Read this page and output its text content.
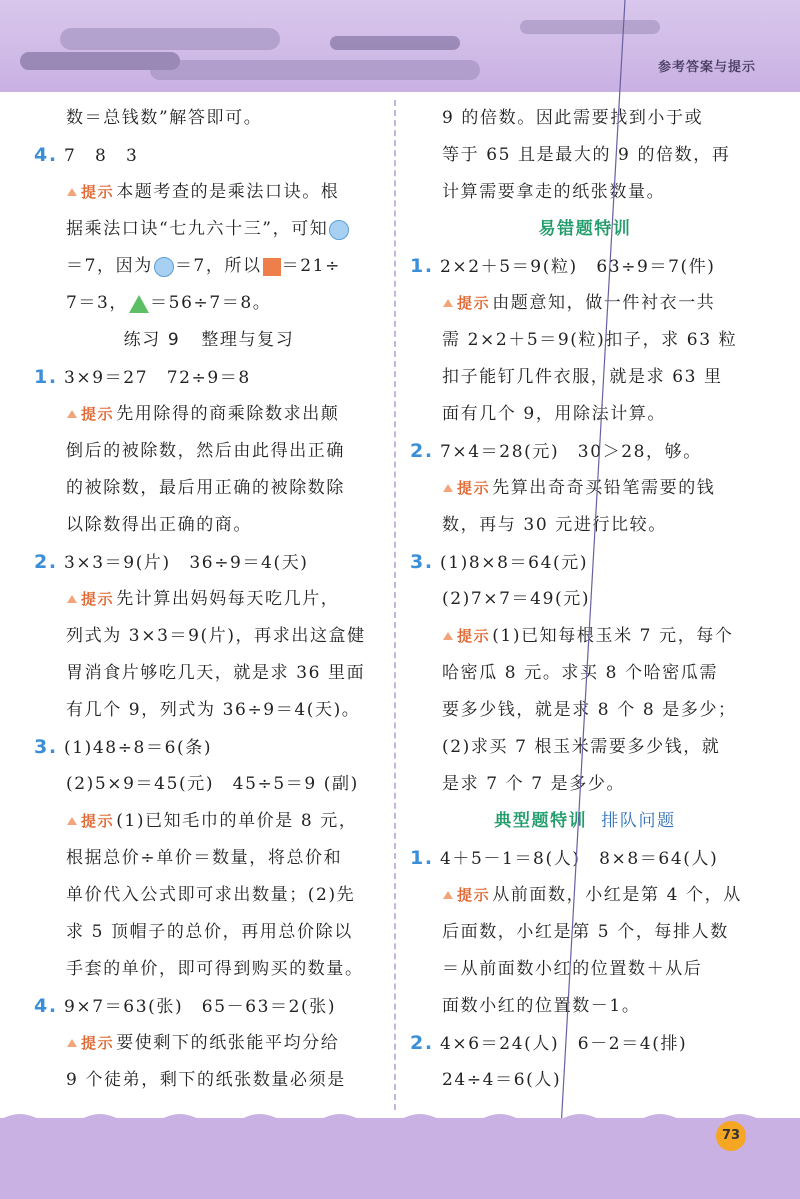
参考答案与提示
数＝总钱数”解答即可。
4. 7　8　3
提示 本题考查的是乘法口诀。根
据乘法口诀“七九六十三”，可知
＝7，因为 ＝7，所以 ＝21÷
7＝3， ＝56÷7＝8。
练习 9 整理与复习
1. 3×9＝27　72÷9＝8
提示 先用除得的商乘除数求出颠
倒后的被除数，然后由此得出正确
的被除数，最后用正确的被除数除
以除数得出正确的商。
2. 3×3＝9(片)　36÷9＝4(天)
提示 先计算出妈妈每天吃几片，
列式为 3×3＝9(片)，再求出这盒健
胃消食片够吃几天，就是求 36 里面
有几个 9，列式为 36÷9＝4(天)。
3. (1)48÷8＝6(条)
(2)5×9＝45(元)　45÷5＝9 (副)
提示 (1)已知毛巾的单价是 8 元，
根据总价÷单价＝数量，将总价和
单价代入公式即可求出数量；(2)先
求 5 顶帽子的总价，再用总价除以
手套的单价，即可得到购买的数量。
4. 9×7＝63(张)　65－63＝2(张)
提示 要使剩下的纸张能平均分给
9 个徒弟，剩下的纸张数量必须是
9 的倍数。因此需要找到小于或
等于 65 且是最大的 9 的倍数，再
计算需要拿走的纸张数量。
易错题特训
1. 2×2＋5＝9(粒)　63÷9＝7(件)
提示 由题意知，做一件衬衣一共
需 2×2＋5＝9(粒)扣子，求 63 粒
扣子能钉几件衣服，就是求 63 里
面有几个 9，用除法计算。
2. 7×4＝28(元)　30＞28，够。
提示 先算出奇奇买铅笔需要的钱
数，再与 30 元进行比较。
3. (1)8×8＝64(元)
(2)7×7＝49(元)
提示 (1)已知每根玉米 7 元，每个
哈密瓜 8 元。求买 8 个哈密瓜需
要多少钱，就是求 8 个 8 是多少；
(2)求买 7 根玉米需要多少钱，就
是求 7 个 7 是多少。
典型题特训 排队问题
1. 4＋5－1＝8(人)　8×8＝64(人)
提示 从前面数，小红是第 4 个，从
后面数，小红是第 5 个，每排人数
＝从前面数小红的位置数＋从后
面数小红的位置数－1。
2. 4×6＝24(人)　6－2＝4(排)
24÷4＝6(人)
73
